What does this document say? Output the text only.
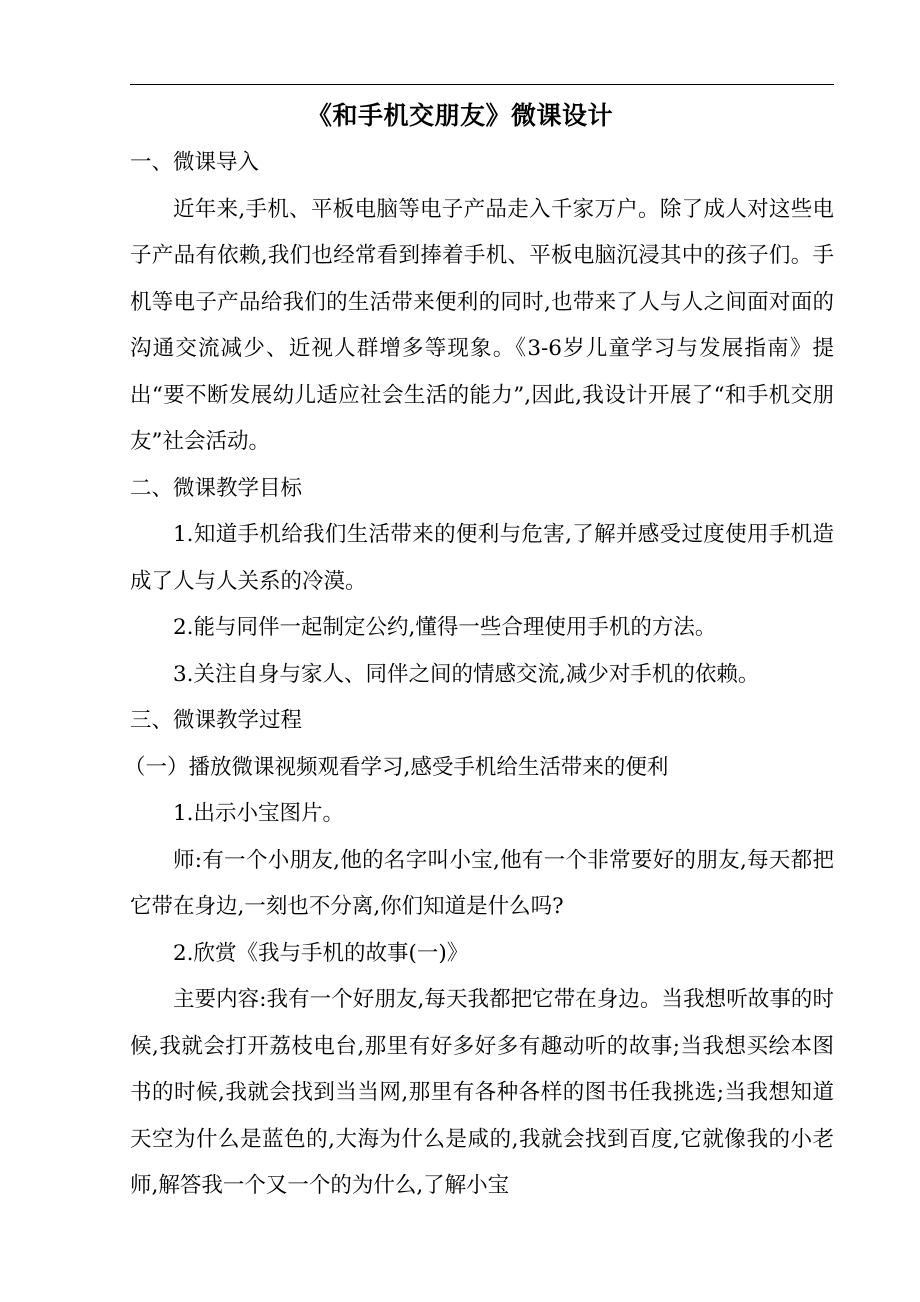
《和手机交朋友》微课设计

一、微课导入

近年来,手机、平板电脑等电子产品走入千家万户。除了成人对这些电子产品有依赖,我们也经常看到捧着手机、平板电脑沉浸其中的孩子们。手机等电子产品给我们的生活带来便利的同时,也带来了人与人之间面对面的沟通交流减少、近视人群增多等现象。《3-6岁儿童学习与发展指南》提出“要不断发展幼儿适应社会生活的能力”,因此,我设计开展了“和手机交朋友”社会活动。

二、微课教学目标

1.知道手机给我们生活带来的便利与危害,了解并感受过度使用手机造成了人与人关系的冷漠。

2.能与同伴一起制定公约,懂得一些合理使用手机的方法。

3.关注自身与家人、同伴之间的情感交流,减少对手机的依赖。

三、微课教学过程

（一）播放微课视频观看学习,感受手机给生活带来的便利

1.出示小宝图片。

师:有一个小朋友,他的名字叫小宝,他有一个非常要好的朋友,每天都把它带在身边,一刻也不分离,你们知道是什么吗?

2.欣赏《我与手机的故事(一)》

主要内容:我有一个好朋友,每天我都把它带在身边。当我想听故事的时候,我就会打开荔枝电台,那里有好多好多有趣动听的故事;当我想买绘本图书的时候,我就会找到当当网,那里有各种各样的图书任我挑选;当我想知道天空为什么是蓝色的,大海为什么是咸的,我就会找到百度,它就像我的小老师,解答我一个又一个的为什么,了解小宝
